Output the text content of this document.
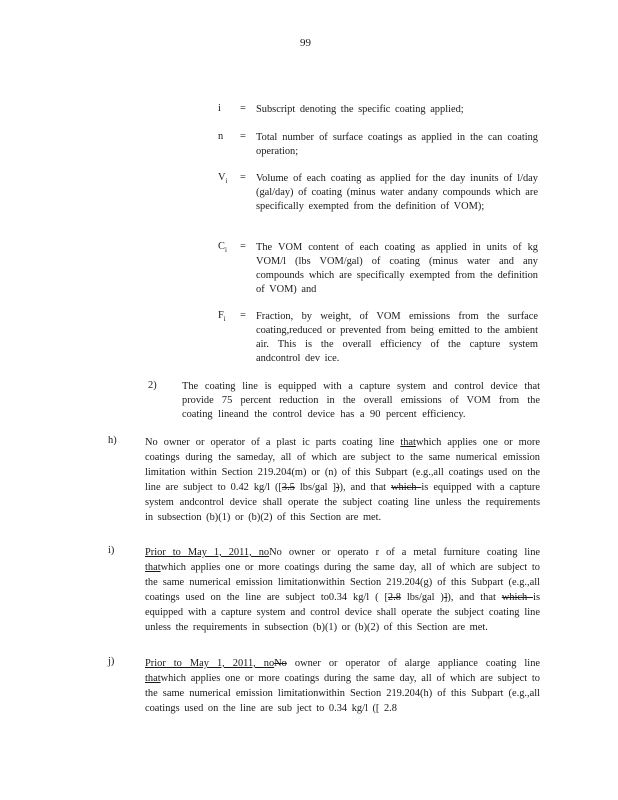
99
i	= Subscript denoting the specific coating applied;
n	= Total number of surface coatings as applied in the can coating operation;
$V_i$	= Volume of each coating as applied for the day inunits of l/day (gal/day) of coating (minus water andany compounds which are specifically exempted from the definition of VOM);
$C_i$	= The VOM content of each coating as applied in units of kg VOM/l (lbs VOM/gal) of coating (minus water and any compounds which are specifically exempted from the definition of VOM) and
$F_i$	= Fraction, by weight, of VOM emissions from the surface coating,reduced or prevented from being emitted to the ambient air. This is the overall efficiency of the capture system andcontrol dev ice.
2) The coating line is equipped with a capture system and control device that provide 75 percent reduction in the overall emissions of VOM from the coating lineand the control device has a 90 percent efficiency.
h)	No owner or operator of a plast ic parts coating line thatwhich applies one or more coatings during the sameday, all of which are subject to the same numerical emission limitation within Section 219.204(m) or (n) of this Subpart (e.g.,all coatings used on the line are subject to 0.42 kg/l ([3.5 lbs/gal ])), and that which is equipped with a capture system andcontrol device shall operate the subject coating line unless the requirements in subsection (b)(1) or (b)(2) of this Section are met.
i)	Prior to May 1, 2011, noNo owner or operato r of a metal furniture coating line thatwhich applies one or more coatings during the same day, all of which are subject to the same numerical emission limitationwithin Section 219.204(g) of this Subpart (e.g.,all coatings used on the line are subject to0.34 kg/l ( [2.8 lbs/gal )]), and that which is equipped with a capture system and control device shall operate the subject coating line unless the requirements in subsection (b)(1) or (b)(2) of this Section are met.
j)	Prior to May 1, 2011, noNo owner or operator of alarge appliance coating line thatwhich applies one or more coatings during the same day, all of which are subject to the same numerical emission limitationwithin Section 219.204(h) of this Subpart (e.g.,all coatings used on the line are sub ject to 0.34 kg/l ([ 2.8
